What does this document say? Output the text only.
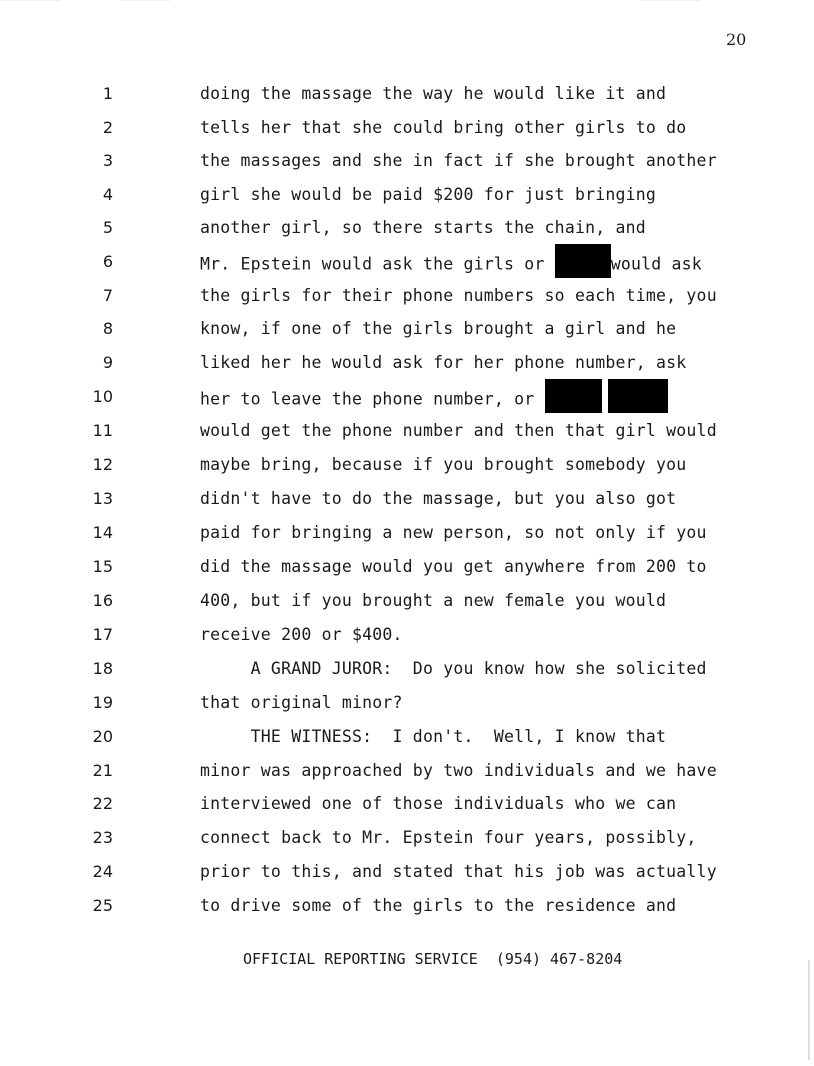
20
1
2
3
4
5
6
7
8
9
10
11
12
13
14
15
16
17
18
19
20
21
22
23
24
25
doing the massage the way he would like it and
tells her that she could bring other girls to do
the massages and she in fact if she brought another
girl she would be paid $200 for just bringing
another girl, so there starts the chain, and
Mr. Epstein would ask the girls or	would ask
the girls for their phone numbers so each time, you
know, if one of the girls brought a girl and he
liked her he would ask for her phone number, ask
her to leave the phone number, or
would get the phone number and then that girl would
maybe bring, because if you brought somebody you
didn't have to do the massage, but you also got
paid for bringing a new person, so not only if you
did the massage would you get anywhere from 200 to
400, but if you brought a new female you would
receive 200 or $400.
A GRAND JUROR:  Do you know how she solicited
that original minor?
THE WITNESS:  I don't.  Well, I know that
minor was approached by two individuals and we have
interviewed one of those individuals who we can
connect back to Mr. Epstein four years, possibly,
prior to this, and stated that his job was actually
to drive some of the girls to the residence and
OFFICIAL REPORTING SERVICE  (954) 467-8204
